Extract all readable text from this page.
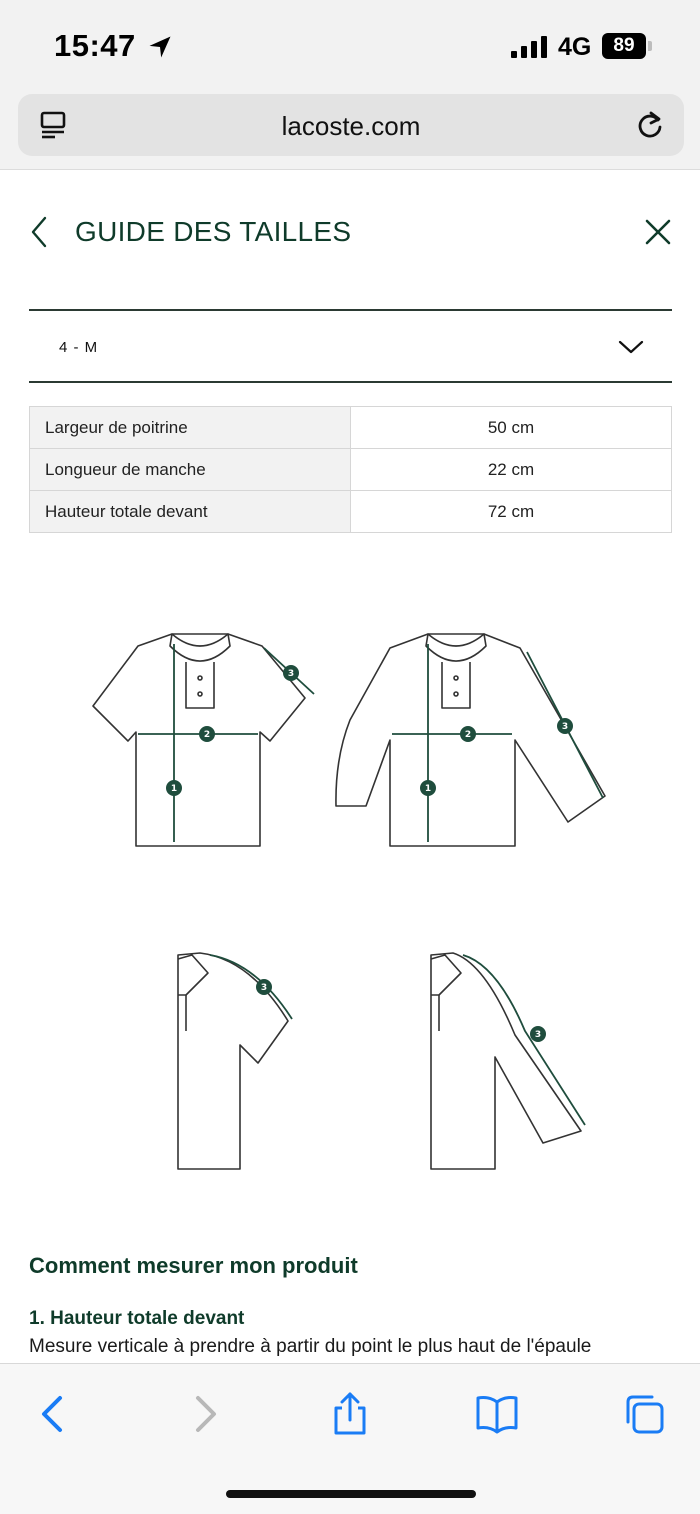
15:47	4G	89
lacoste.com
GUIDE DES TAILLES
4 - M
Largeur de poitrine	50 cm
Longueur de manche	22 cm
Hauteur totale devant	72 cm
1
2
3
1
2
3
3
3
Comment mesurer mon produit
1. Hauteur totale devant

Mesure verticale à prendre à partir du point le plus haut de l'épaule
